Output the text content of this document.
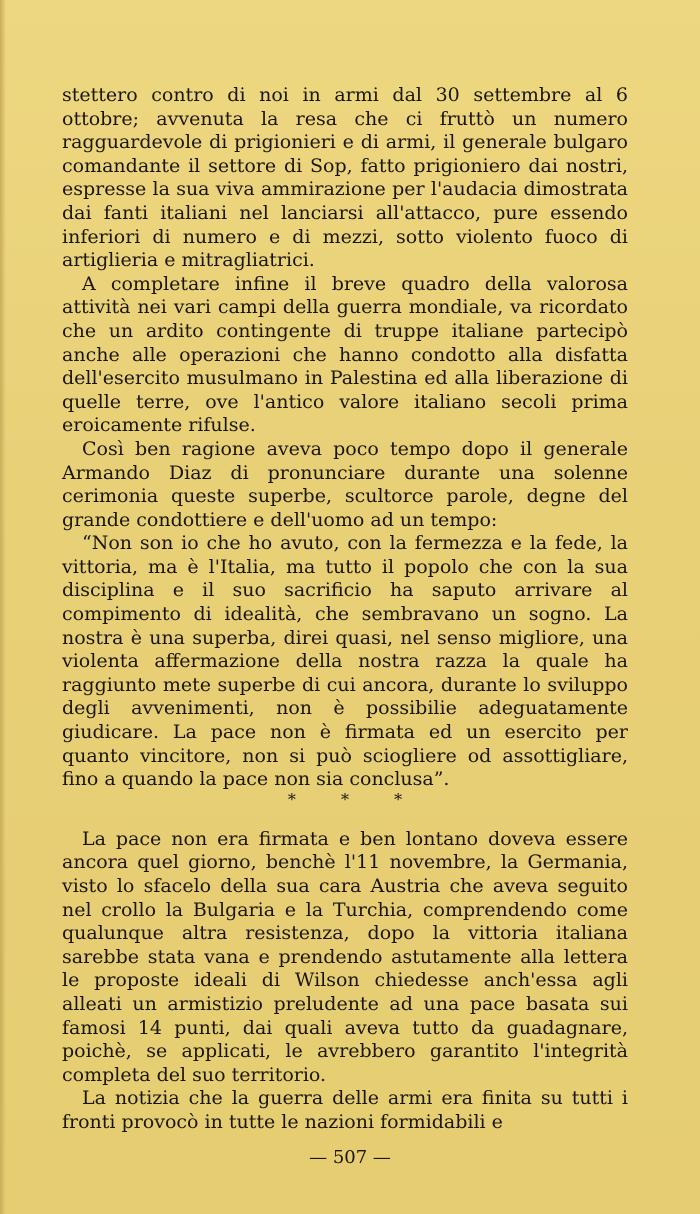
stettero contro di noi in armi dal 30 settembre al 6 ottobre; avvenuta la resa che ci fruttò un numero ragguardevole di prigionieri e di armi, il generale bulgaro comandante il settore di Sop, fatto prigioniero dai nostri, espresse la sua viva ammirazione per l'audacia dimostrata dai fanti italiani nel lanciarsi all'attacco, pure essendo inferiori di numero e di mezzi, sotto violento fuoco di artiglieria e mitragliatrici.

A completare infine il breve quadro della valorosa attività nei vari campi della guerra mondiale, va ricordato che un ardito contingente di truppe italiane partecipò anche alle operazioni che hanno condotto alla disfatta dell'esercito musulmano in Palestina ed alla liberazione di quelle terre, ove l'antico valore italiano secoli prima eroicamente rifulse.

Così ben ragione aveva poco tempo dopo il generale Armando Diaz di pronunciare durante una solenne cerimonia queste superbe, scultorce parole, degne del grande condottiere e dell'uomo ad un tempo:

“Non son io che ho avuto, con la fermezza e la fede, la vittoria, ma è l'Italia, ma tutto il popolo che con la sua disciplina e il suo sacrificio ha saputo arrivare al compimento di idealità, che sembravano un sogno. La nostra è una superba, direi quasi, nel senso migliore, una violenta affermazione della nostra razza la quale ha raggiunto mete superbe di cui ancora, durante lo sviluppo degli avvenimenti, non è possibilie adeguatamente giudicare. La pace non è firmata ed un esercito per quanto vincitore, non si può sciogliere od assottigliare, fino a quando la pace non sia conclusa”.

* * *

La pace non era firmata e ben lontano doveva essere ancora quel giorno, benchè l'11 novembre, la Germania, visto lo sfacelo della sua cara Austria che aveva seguito nel crollo la Bulgaria e la Turchia, comprendendo come qualunque altra resistenza, dopo la vittoria italiana sarebbe stata vana e prendendo astutamente alla lettera le proposte ideali di Wilson chiedesse anch'essa agli alleati un armistizio preludente ad una pace basata sui famosi 14 punti, dai quali aveva tutto da guadagnare, poichè, se applicati, le avrebbero garantito l'integrità completa del suo territorio.

La notizia che la guerra delle armi era finita su tutti i fronti provocò in tutte le nazioni formidabili e

— 507 —
